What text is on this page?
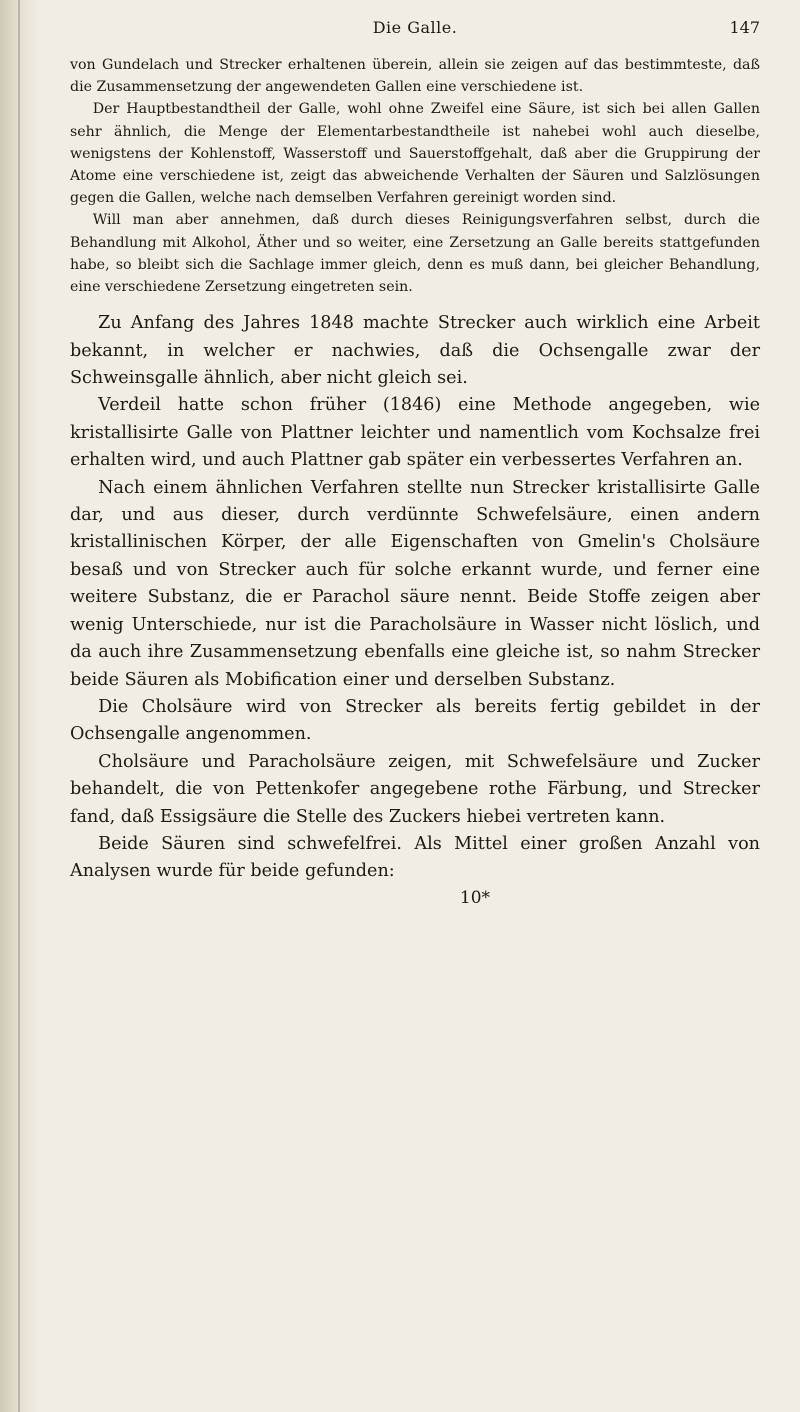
Die Galle.	147

von Gundelach und Strecker erhaltenen überein, allein sie zeigen auf das bestimmteste, daß die Zusammensetzung der angewendeten Gallen eine verschiedene ist.

Der Hauptbestandtheil der Galle, wohl ohne Zweifel eine Säure, ist sich bei allen Gallen sehr ähnlich, die Menge der Elementarbestandtheile ist nahebei wohl auch dieselbe, wenigstens der Kohlenstoff, Wasserstoff und Sauerstoffgehalt, daß aber die Gruppirung der Atome eine verschiedene ist, zeigt das abweichende Verhalten der Säuren und Salzlösungen gegen die Gallen, welche nach demselben Verfahren gereinigt worden sind.

Will man aber annehmen, daß durch dieses Reinigungsverfahren selbst, durch die Behandlung mit Alkohol, Äther und so weiter, eine Zersetzung an Galle bereits stattgefunden habe, so bleibt sich die Sachlage immer gleich, denn es muß dann, bei gleicher Behandlung, eine verschiedene Zersetzung eingetreten sein.

Zu Anfang des Jahres 1848 machte Strecker auch wirklich eine Arbeit bekannt, in welcher er nachwies, daß die Ochsengalle zwar der Schweinsgalle ähnlich, aber nicht gleich sei.

Verdeil hatte schon früher (1846) eine Methode angegeben, wie kristallisirte Galle von Plattner leichter und namentlich vom Kochsalze frei erhalten wird, und auch Plattner gab später ein verbessertes Verfahren an.

Nach einem ähnlichen Verfahren stellte nun Strecker kristallisirte Galle dar, und aus dieser, durch verdünnte Schwefelsäure, einen andern kristallinischen Körper, der alle Eigenschaften von Gmelin's Cholsäure besaß und von Strecker auch für solche erkannt wurde, und ferner eine weitere Substanz, die er Parachol säure nennt. Beide Stoffe zeigen aber wenig Unterschiede, nur ist die Paracholsäure in Wasser nicht löslich, und da auch ihre Zusammensetzung ebenfalls eine gleiche ist, so nahm Strecker beide Säuren als Mobification einer und derselben Substanz.

Die Cholsäure wird von Strecker als bereits fertig gebildet in der Ochsengalle angenommen.

Cholsäure und Paracholsäure zeigen, mit Schwefelsäure und Zucker behandelt, die von Pettenkofer angegebene rothe Färbung, und Strecker fand, daß Essigsäure die Stelle des Zuckers hiebei vertreten kann.

Beide Säuren sind schwefelfrei. Als Mittel einer großen Anzahl von Analysen wurde für beide gefunden:

10*
